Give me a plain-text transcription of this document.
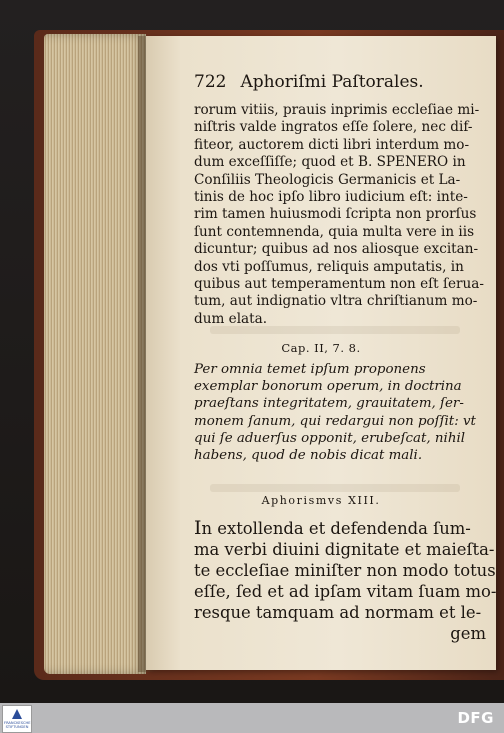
722 Aphoriſmi Paſtorales.
rorum vitiis, prauis inprimis eccleſiae mi-
niſtris valde ingratos eſſe ſolere, nec dif-
fiteor, auctorem dicti libri interdum mo-
dum exceſſiſſe; quod et B. SPENERO in
Conſiliis Theologicis Germanicis et La-
tinis de hoc ipſo libro iudicium eſt: inte-
rim tamen huiusmodi ſcripta non prorſus
ſunt contemnenda, quia multa vere in iis
dicuntur; quibus ad nos aliosque excitan-
dos vti poſſumus, reliquis amputatis, in
quibus aut temperamentum non eſt ſerua-
tum, aut indignatio vltra chriſtianum mo-
dum elata.
Cap. II, 7. 8.
Per omnia temet ipſum proponens
exemplar bonorum operum, in doctrina
praeſtans integritatem, grauitatem, ſer-
monem ſanum, qui redargui non poſſit: vt
qui ſe aduerſus opponit, erubeſcat, nihil
habens, quod de nobis dicat mali.
Aphorismvs XIII.
In extollenda et defendenda ſum-
ma verbi diuini dignitate et maieſta-
te eccleſiae miniſter non modo totus
eſſe, ſed et ad ipſam vitam ſuam mo-
resque tamquam ad normam et le-
gem
FRANCKESCHE STIFTUNGEN	DFG
